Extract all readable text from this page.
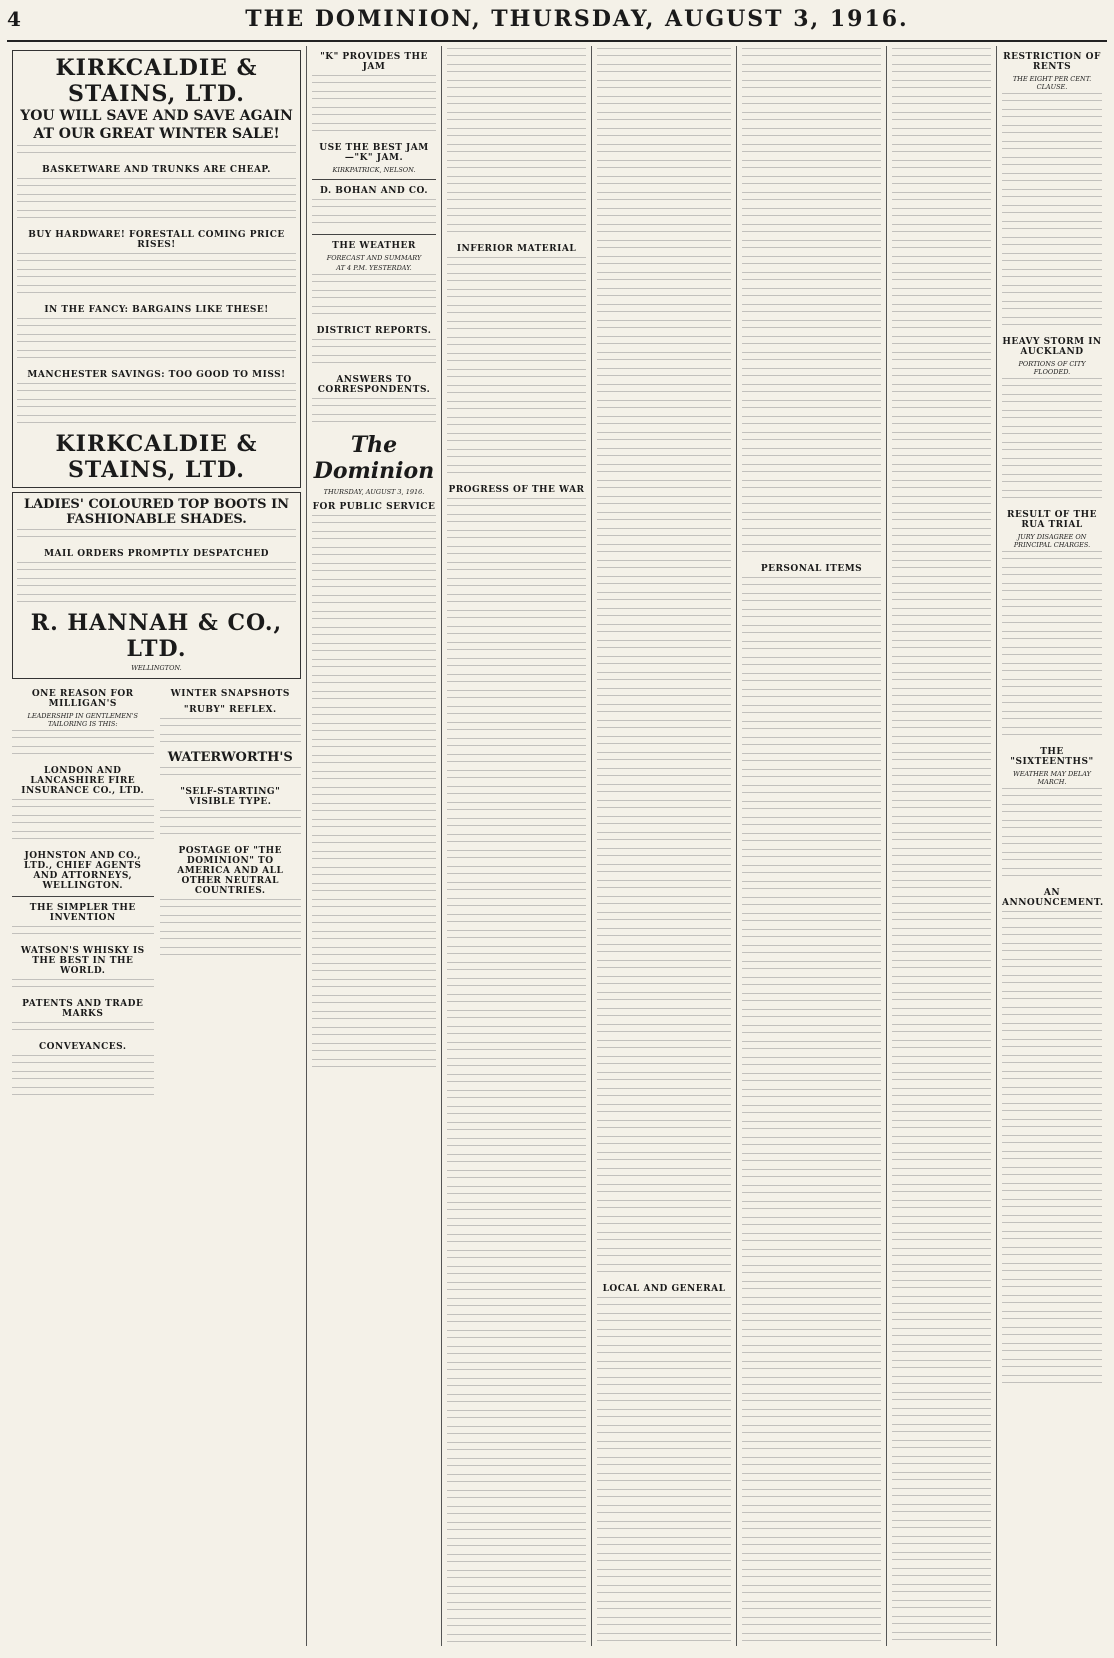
4	THE DOMINION, THURSDAY, AUGUST 3, 1916.
KIRKCALDIE & STAINS, LTD.
YOU WILL SAVE AND SAVE AGAIN AT OUR GREAT WINTER SALE!
BASKETWARE AND TRUNKS ARE CHEAP.
BUY HARDWARE! FORESTALL COMING PRICE RISES!
IN THE FANCY: BARGAINS LIKE THESE!
MANCHESTER SAVINGS: TOO GOOD TO MISS!
KIRKCALDIE & STAINS, LTD.
LADIES' COLOURED TOP BOOTS IN FASHIONABLE SHADES.
MAIL ORDERS PROMPTLY DESPATCHED
R. HANNAH & CO., LTD.
WELLINGTON.
ONE REASON FOR MILLIGAN'S
LEADERSHIP IN GENTLEMEN'S TAILORING IS THIS:
LONDON AND LANCASHIRE FIRE INSURANCE CO., LTD.
JOHNSTON AND CO., LTD., CHIEF AGENTS AND ATTORNEYS, WELLINGTON.
THE SIMPLER THE INVENTION
WATSON'S WHISKY IS THE BEST IN THE WORLD.
PATENTS AND TRADE MARKS
CONVEYANCES.
WINTER SNAPSHOTS
"RUBY" REFLEX.
WATERWORTH'S
"SELF-STARTING" VISIBLE TYPE.
POSTAGE OF "THE DOMINION" TO AMERICA AND ALL OTHER NEUTRAL COUNTRIES.
"K" PROVIDES THE JAM
USE THE BEST JAM—"K" JAM.
KIRKPATRICK, NELSON.
D. BOHAN AND CO.
THE WEATHER
FORECAST AND SUMMARY
AT 4 P.M. YESTERDAY.
DISTRICT REPORTS.
ANSWERS TO CORRESPONDENTS.
The Dominion
THURSDAY, AUGUST 3, 1916.
FOR PUBLIC SERVICE
INFERIOR MATERIAL
PROGRESS OF THE WAR
LOCAL AND GENERAL
PERSONAL ITEMS
RESTRICTION OF RENTS
THE EIGHT PER CENT. CLAUSE.
HEAVY STORM IN AUCKLAND
PORTIONS OF CITY FLOODED.
RESULT OF THE RUA TRIAL
JURY DISAGREE ON PRINCIPAL CHARGES.
THE "SIXTEENTHS"
WEATHER MAY DELAY MARCH.
AN ANNOUNCEMENT.
